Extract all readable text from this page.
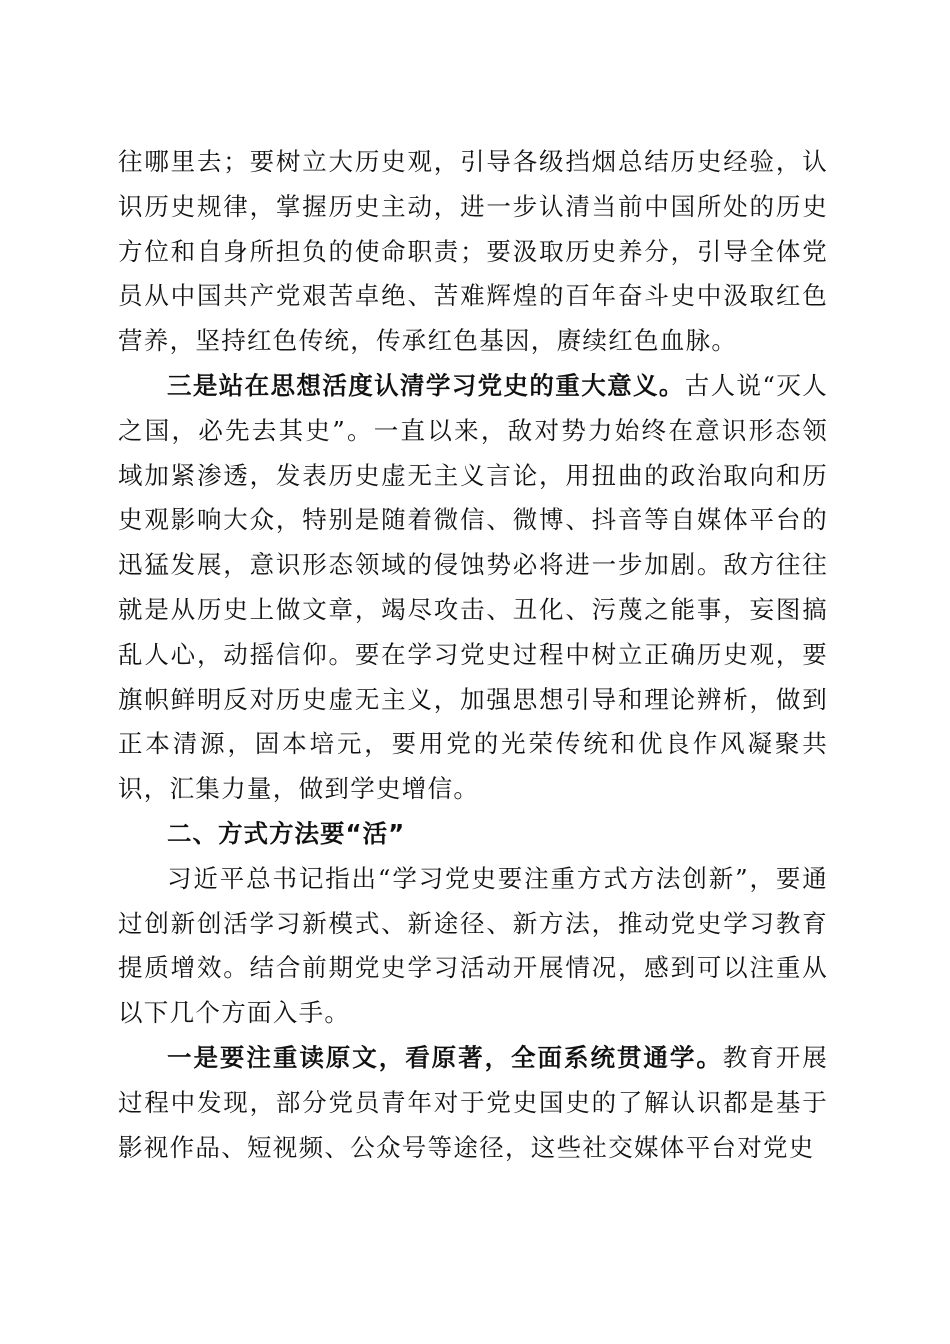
往哪里去；要树立大历史观，引导各级挡烟总结历史经验，认识历史规律，掌握历史主动，进一步认清当前中国所处的历史方位和自身所担负的使命职责；要汲取历史养分，引导全体党员从中国共产党艰苦卓绝、苦难辉煌的百年奋斗史中汲取红色营养，坚持红色传统，传承红色基因，赓续红色血脉。

三是站在思想活度认清学习党史的重大意义。古人说“灭人之国，必先去其史”。一直以来，敌对势力始终在意识形态领域加紧渗透，发表历史虚无主义言论，用扭曲的政治取向和历史观影响大众，特别是随着微信、微博、抖音等自媒体平台的迅猛发展，意识形态领域的侵蚀势必将进一步加剧。敌方往往就是从历史上做文章，竭尽攻击、丑化、污蔑之能事，妄图搞乱人心，动摇信仰。要在学习党史过程中树立正确历史观，要旗帜鲜明反对历史虚无主义，加强思想引导和理论辨析，做到正本清源，固本培元，要用党的光荣传统和优良作风凝聚共识，汇集力量，做到学史增信。

二、方式方法要“活”

习近平总书记指出“学习党史要注重方式方法创新”，要通过创新创活学习新模式、新途径、新方法，推动党史学习教育提质增效。结合前期党史学习活动开展情况，感到可以注重从以下几个方面入手。

一是要注重读原文，看原著，全面系统贯通学。教育开展过程中发现，部分党员青年对于党史国史的了解认识都是基于影视作品、短视频、公众号等途径，这些社交媒体平台对党史
